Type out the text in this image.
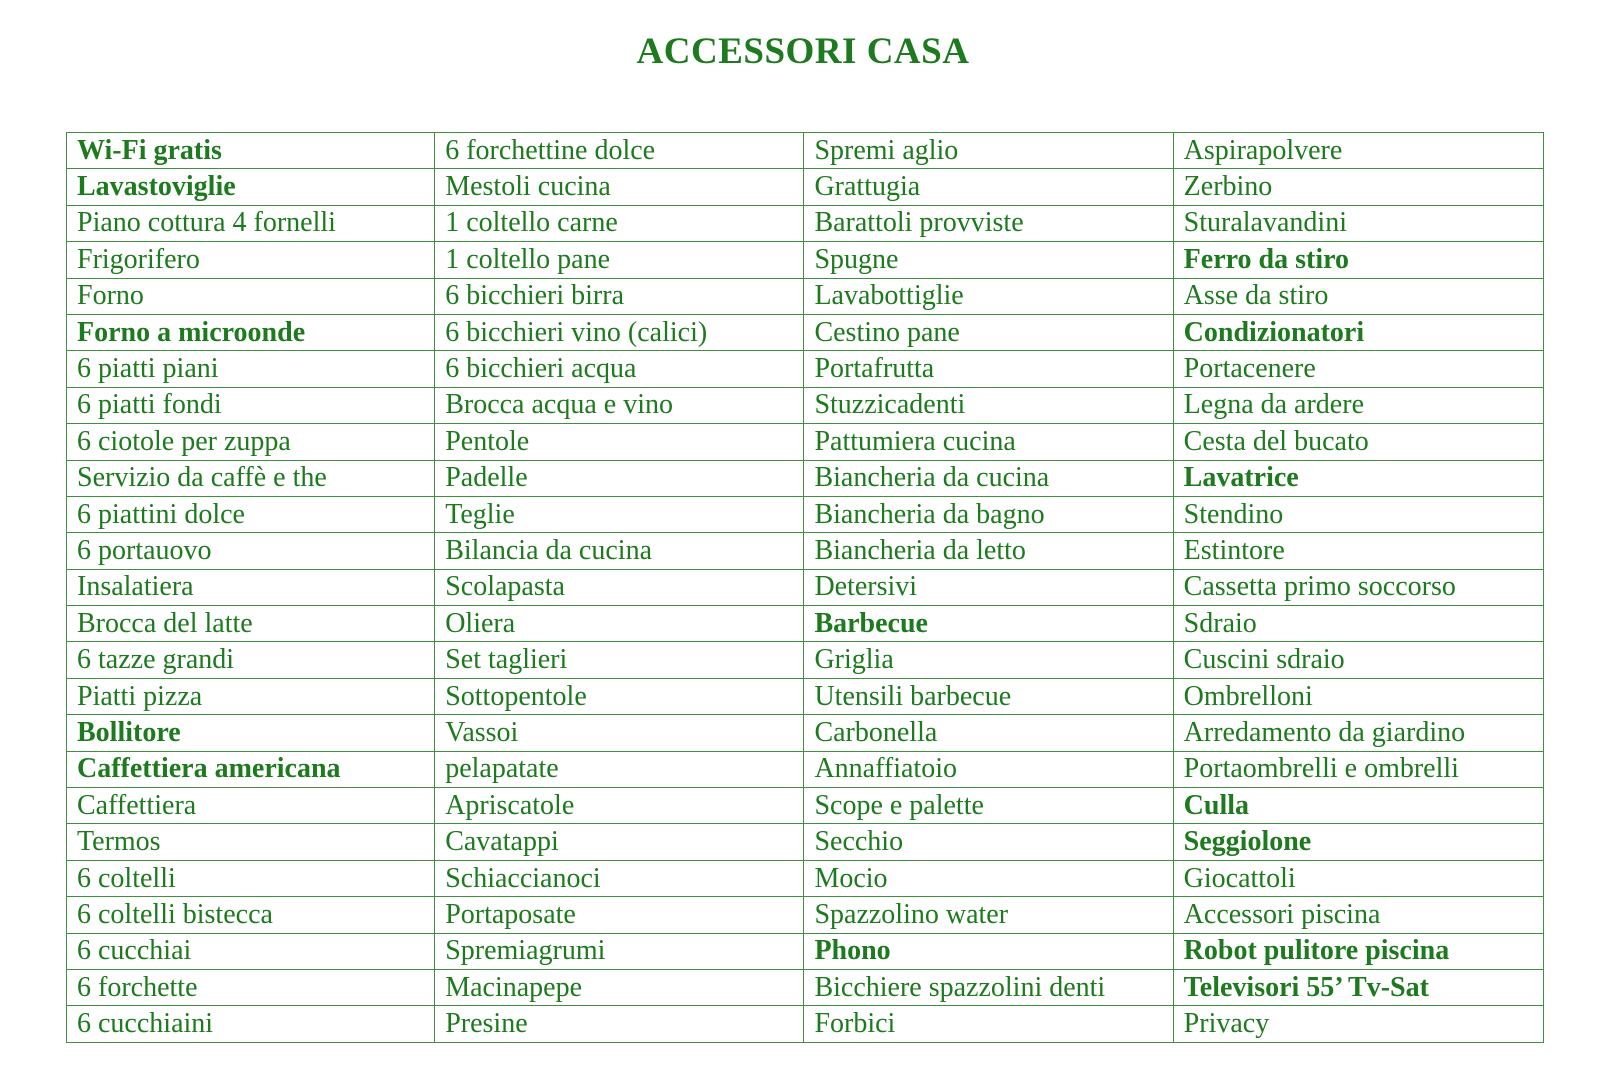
ACCESSORI CASA
Wi-Fi gratis	6 forchettine dolce	Spremi aglio	Aspirapolvere
Lavastoviglie	Mestoli cucina	Grattugia	Zerbino
Piano cottura 4 fornelli	1 coltello carne	Barattoli provviste	Sturalavandini
Frigorifero	1 coltello pane	Spugne	Ferro da stiro
Forno	6 bicchieri birra	Lavabottiglie	Asse da stiro
Forno a microonde	6 bicchieri vino (calici)	Cestino pane	Condizionatori
6 piatti piani	6 bicchieri acqua	Portafrutta	Portacenere
6 piatti fondi	Brocca acqua e vino	Stuzzicadenti	Legna da ardere
6 ciotole per zuppa	Pentole	Pattumiera cucina	Cesta del bucato
Servizio da caffè e the	Padelle	Biancheria da cucina	Lavatrice
6 piattini dolce	Teglie	Biancheria da bagno	Stendino
6 portauovo	Bilancia da cucina	Biancheria da letto	Estintore
Insalatiera	Scolapasta	Detersivi	Cassetta primo soccorso
Brocca del latte	Oliera	Barbecue	Sdraio
6 tazze grandi	Set taglieri	Griglia	Cuscini sdraio
Piatti pizza	Sottopentole	Utensili barbecue	Ombrelloni
Bollitore	Vassoi	Carbonella	Arredamento da giardino
Caffettiera americana	pelapatate	Annaffiatoio	Portaombrelli e ombrelli
Caffettiera	Apriscatole	Scope e palette	Culla
Termos	Cavatappi	Secchio	Seggiolone
6 coltelli	Schiaccianoci	Mocio	Giocattoli
6 coltelli bistecca	Portaposate	Spazzolino water	Accessori piscina
6 cucchiai	Spremiagrumi	Phono	Robot pulitore piscina
6 forchette	Macinapepe	Bicchiere spazzolini denti	Televisori 55’ Tv-Sat
6 cucchiaini	Presine	Forbici	Privacy
